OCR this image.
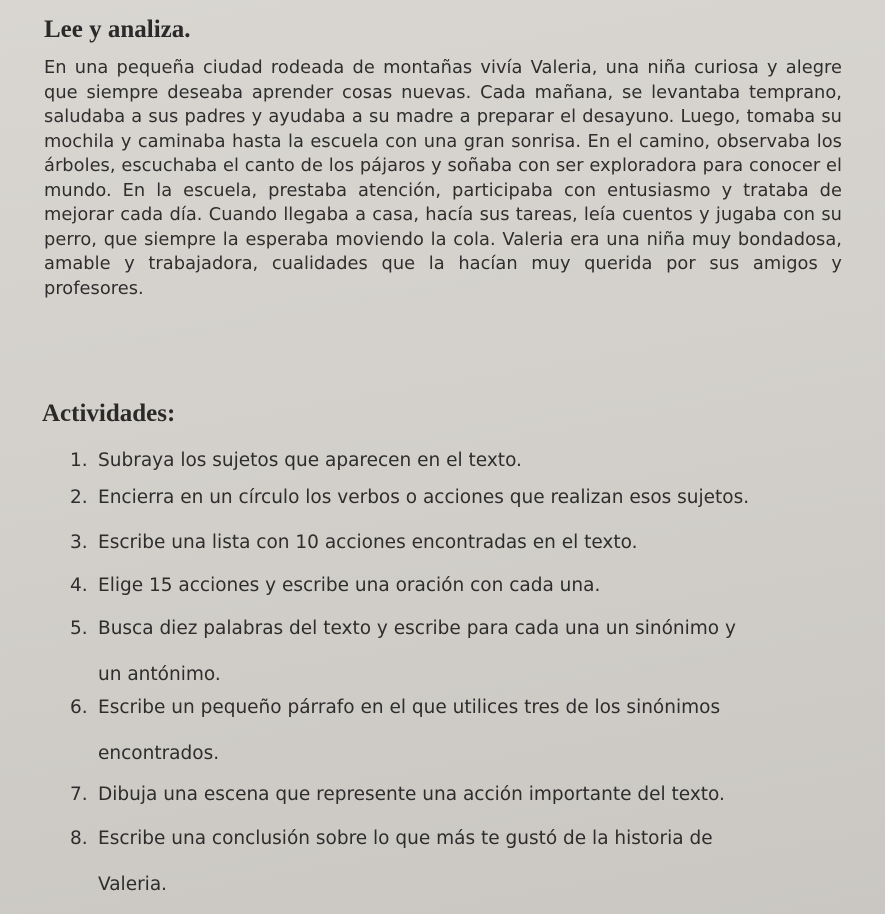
Lee y analiza.

En una pequeña ciudad rodeada de montañas vivía Valeria, una niña curiosa y alegre que siempre deseaba aprender cosas nuevas. Cada mañana, se levantaba temprano, saludaba a sus padres y ayudaba a su madre a preparar el desayuno. Luego, tomaba su mochila y caminaba hasta la escuela con una gran sonrisa. En el camino, observaba los árboles, escuchaba el canto de los pájaros y soñaba con ser exploradora para conocer el mundo. En la escuela, prestaba atención, participaba con entusiasmo y trataba de mejorar cada día. Cuando llegaba a casa, hacía sus tareas, leía cuentos y jugaba con su perro, que siempre la esperaba moviendo la cola. Valeria era una niña muy bondadosa, amable y trabajadora, cualidades que la hacían muy querida por sus amigos y profesores.

Actividades:
1. Subraya los sujetos que aparecen en el texto.
2. Encierra en un círculo los verbos o acciones que realizan esos sujetos.
3. Escribe una lista con 10 acciones encontradas en el texto.
4. Elige 15 acciones y escribe una oración con cada una.
5. Busca diez palabras del texto y escribe para cada una un sinónimo y
un antónimo.
6. Escribe un pequeño párrafo en el que utilices tres de los sinónimos
encontrados.
7. Dibuja una escena que represente una acción importante del texto.
8. Escribe una conclusión sobre lo que más te gustó de la historia de
Valeria.
